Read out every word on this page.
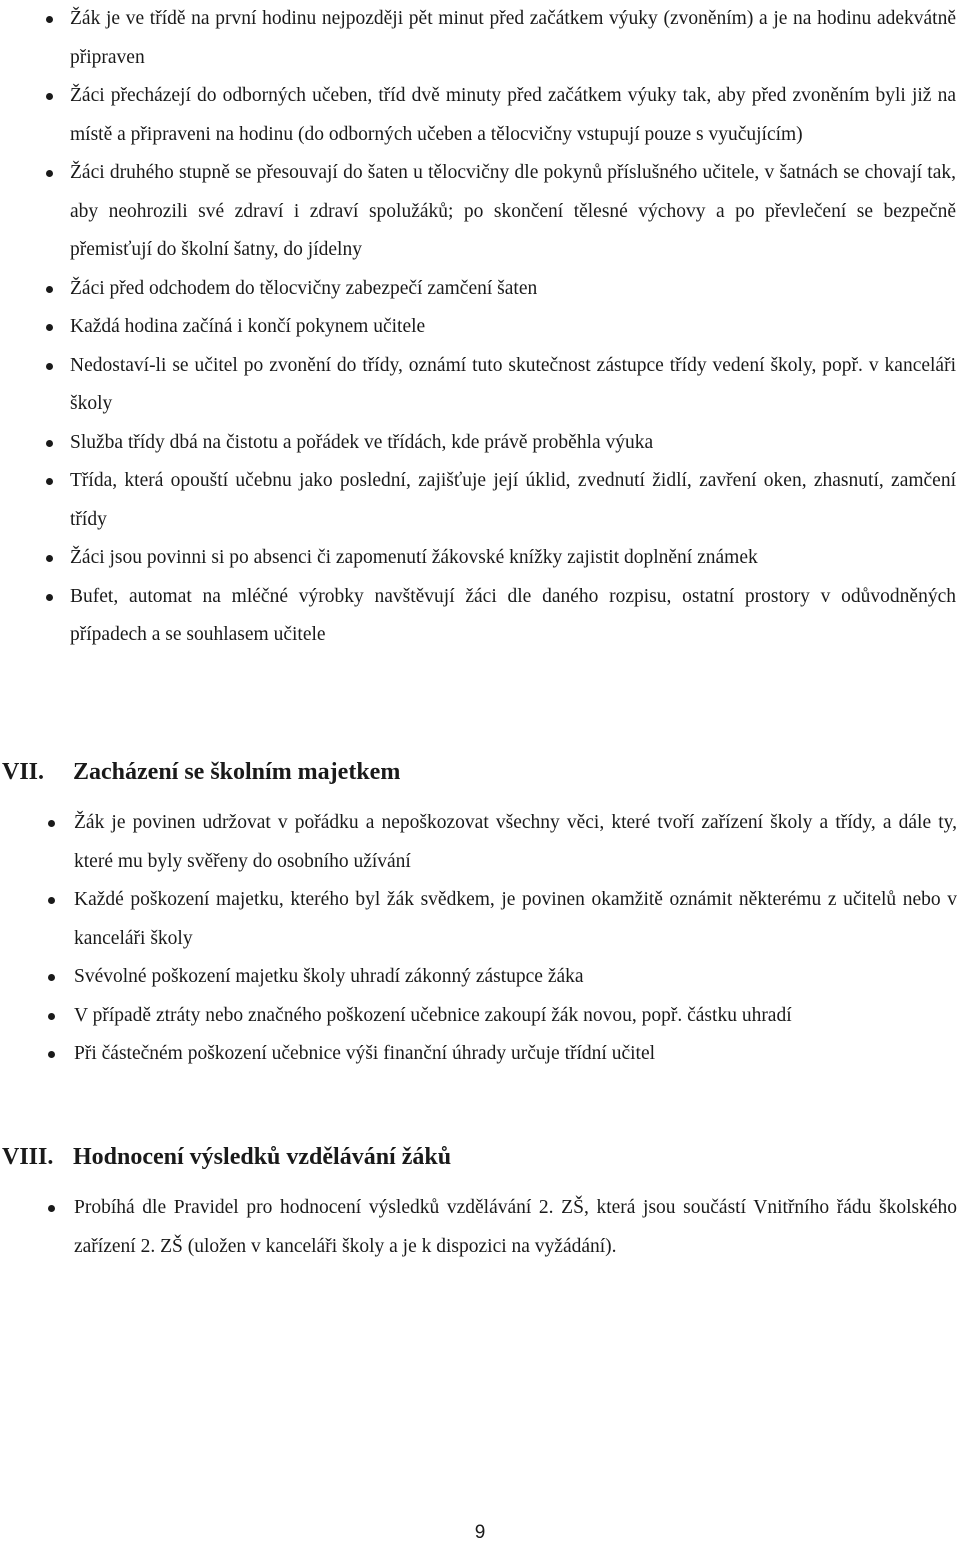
Žák je ve třídě na první hodinu nejpozději pět minut před začátkem výuky (zvoněním) a je na hodinu adekvátně připraven
Žáci přecházejí do odborných učeben, tříd dvě minuty před začátkem výuky tak, aby před zvoněním byli již na místě a připraveni na hodinu (do odborných učeben a tělocvičny vstupují pouze s vyučujícím)
Žáci druhého stupně se přesouvají do šaten u tělocvičny dle pokynů příslušného učitele, v šatnách se chovají tak, aby neohrozili své zdraví i zdraví spolužáků; po skončení tělesné výchovy a po převlečení se bezpečně přemisťují do školní šatny, do jídelny
Žáci před odchodem do tělocvičny zabezpečí zamčení šaten
Každá hodina začíná i končí pokynem učitele
Nedostaví-li se učitel po zvonění do třídy, oznámí tuto skutečnost zástupce třídy vedení školy, popř. v kanceláři školy
Služba třídy dbá na čistotu a pořádek ve třídách, kde právě proběhla výuka
Třída, která opouští učebnu jako poslední, zajišťuje její úklid, zvednutí židlí, zavření oken, zhasnutí, zamčení třídy
Žáci jsou povinni si po absenci či zapomenutí žákovské knížky zajistit doplnění známek
Bufet, automat na mléčné výrobky navštěvují žáci dle daného rozpisu, ostatní prostory v odůvodněných případech a se souhlasem učitele
VII. Zacházení se školním majetkem
Žák je povinen udržovat v pořádku a nepoškozovat všechny věci, které tvoří zařízení školy a třídy, a dále ty, které mu byly svěřeny do osobního užívání
Každé poškození majetku, kterého byl žák svědkem, je povinen okamžitě oznámit některému z učitelů nebo v kanceláři školy
Svévolné poškození majetku školy uhradí zákonný zástupce žáka
V případě ztráty nebo značného poškození učebnice zakoupí žák novou, popř. částku uhradí
Při částečném poškození učebnice výši finanční úhrady určuje třídní učitel
VIII. Hodnocení výsledků vzdělávání žáků
Probíhá dle Pravidel pro hodnocení výsledků vzdělávání 2. ZŠ, která jsou součástí Vnitřního řádu školského zařízení 2. ZŠ (uložen v kanceláři školy a je k dispozici na vyžádání).
9
